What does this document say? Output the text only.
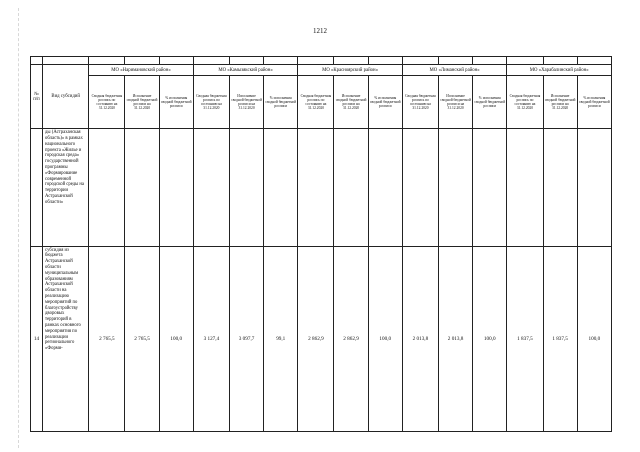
1212

№
п/п	Вид субсидий	МО «Наримановский район»			МО «Камызякский район»			МО «Красноярский район»			МО «Лиманский район»			МО «Харабалинский район»		
		Сводная бюджетная роспись по состоянию на 31.12.2020	Исполнение сводной бюджетной росписи на 31.12.2020	% исполнения сводной бюджетной росписи	Сводная бюджетная роспись по состоянию на 31.12.2020	Исполнение сводной бюджетной росписи на 31.12.2020	% исполнения сводной бюджетной росписи	Сводная бюджетная роспись по состоянию на 31.12.2020	Исполнение сводной бюджетной росписи на 31.12.2020	% исполнения сводной бюджетной росписи	Сводная бюджетная роспись по состоянию на 31.12.2020	Исполнение сводной бюджетной росписи на 31.12.2020	% исполнения сводной бюджетной росписи	Сводная бюджетная роспись по состоянию на 31.12.2020	Исполнение сводной бюджетной росписи на 31.12.2020	% исполнения сводной бюджетной росписи
	ды (Астраханская область)» в рамках национального проекта «Жилье и городская среда» государственной программы «Формирование современной городской среды на территории Астраханской области»															
14	субсидия из бюджета Астраханской области муниципальным образованиям Астраханской области на реализацию мероприятий по благоустройству дворовых территорий в рамках основного мероприятия по реализации регионального «Форми-	2 765,5	2 765,5	100,0	3 127,4	3 097,7	99,1	2 862,9	2 862,9	100,0	2 013,8	2 013,8	100,0	1 837,5	1 837,5	100,0
